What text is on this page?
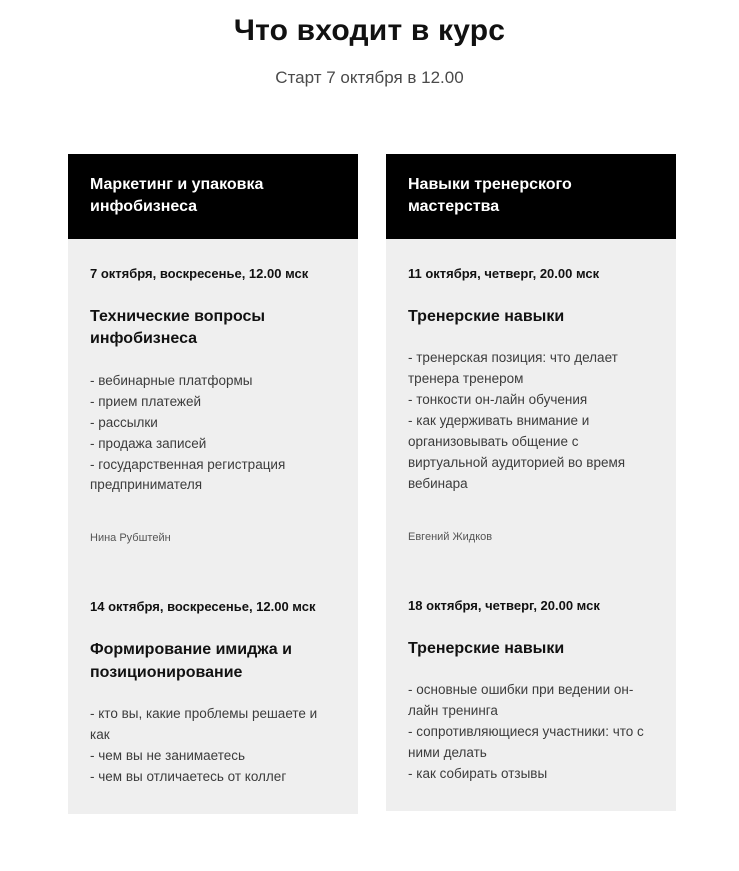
Что входит в курс

Старт 7 октября в 12.00

Маркетинг и упаковка инфобизнеса
7 октября, воскресенье, 12.00 мск
Технические вопросы инфобизнеса
- вебинарные платформы
- прием платежей
- рассылки
- продажа записей
- государственная регистрация предпринимателя
Нина Рубштейн
14 октября, воскресенье, 12.00 мск
Формирование имиджа и позиционирование
- кто вы, какие проблемы решаете и как
- чем вы не занимаетесь
- чем вы отличаетесь от коллег
Навыки тренерского мастерства
11 октября, четверг, 20.00 мск
Тренерские навыки
- тренерская позиция: что делает тренера тренером
- тонкости он-лайн обучения
- как удерживать внимание и организовывать общение с виртуальной аудиторией во время вебинара
Евгений Жидков
18 октября, четверг, 20.00 мск
Тренерские навыки
- основные ошибки при ведении он-лайн тренинга
- сопротивляющиеся участники: что с ними делать
- как собирать отзывы
